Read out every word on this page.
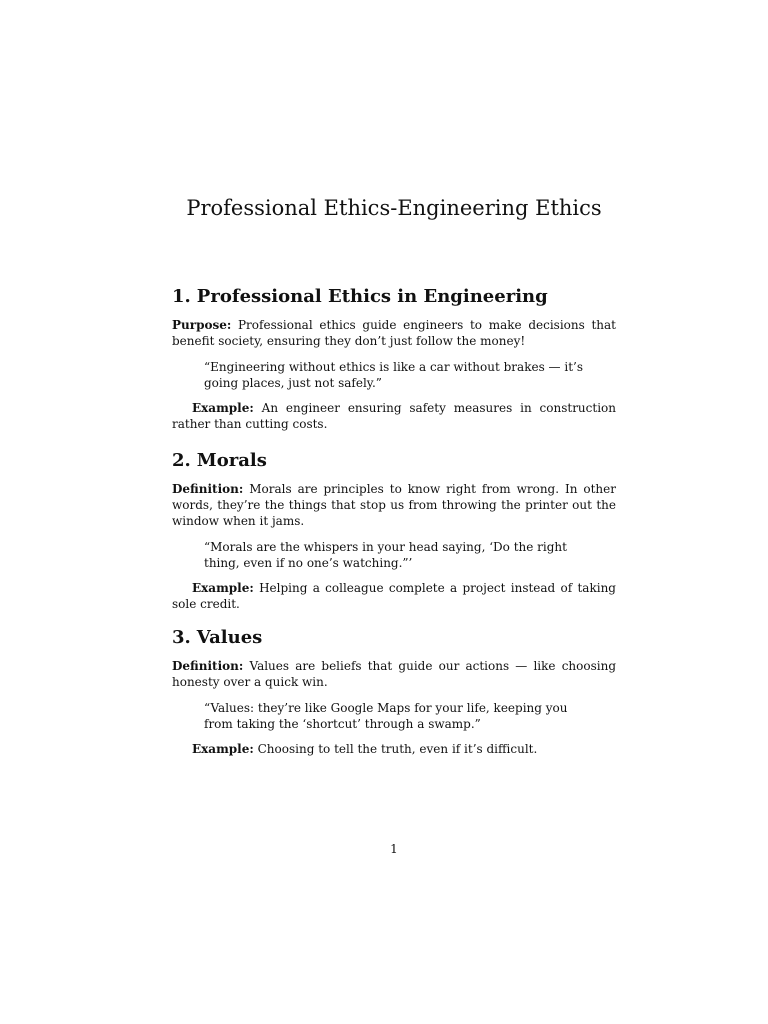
Professional Ethics-Engineering Ethics
1. Professional Ethics in Engineering

Purpose: Professional ethics guide engineers to make decisions that benefit society, ensuring they don’t just follow the money!

“Engineering without ethics is like a car without brakes — it’s going places, just not safely.”

Example: An engineer ensuring safety measures in construction rather than cutting costs.

2. Morals

Definition: Morals are principles to know right from wrong. In other words, they’re the things that stop us from throwing the printer out the window when it jams.

“Morals are the whispers in your head saying, ‘Do the right thing, even if no one’s watching.”’

Example: Helping a colleague complete a project instead of taking sole credit.

3. Values

Definition: Values are beliefs that guide our actions — like choosing honesty over a quick win.

“Values: they’re like Google Maps for your life, keeping you from taking the ‘shortcut’ through a swamp.”

Example: Choosing to tell the truth, even if it’s difficult.

1
